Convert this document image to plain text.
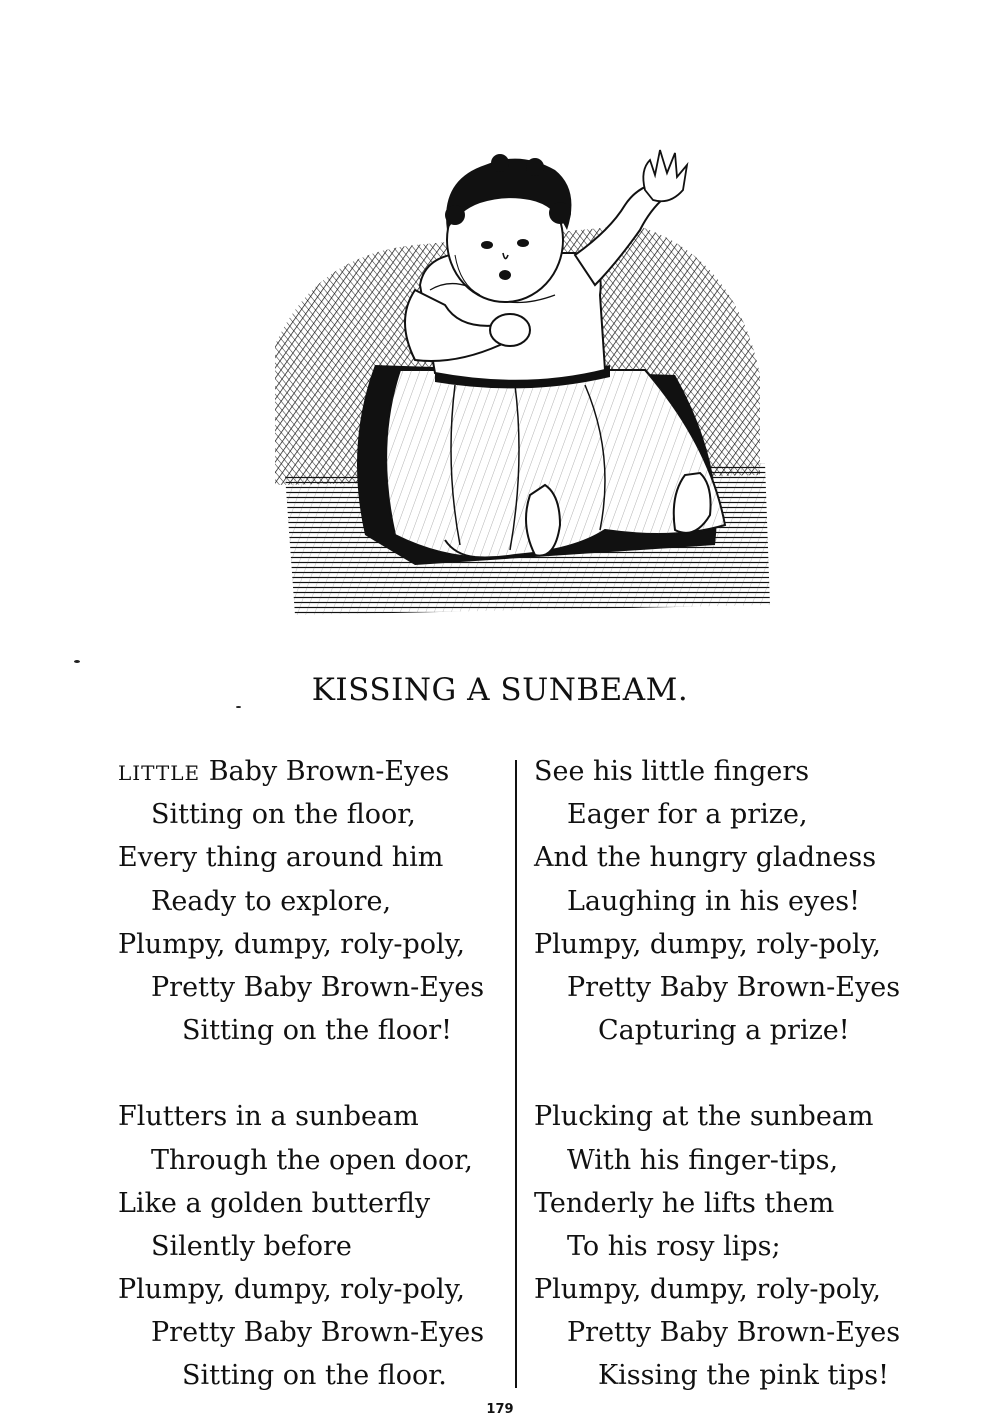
KISSING A SUNBEAM.
LITTLE Baby Brown-Eyes
Sitting on the floor,
Every thing around him
Ready to explore,
Plumpy, dumpy, roly-poly,
Pretty Baby Brown-Eyes
Sitting on the floor!
Flutters in a sunbeam
Through the open door,
Like a golden butterfly
Silently before
Plumpy, dumpy, roly-poly,
Pretty Baby Brown-Eyes
Sitting on the floor.
See his little fingers
Eager for a prize,
And the hungry gladness
Laughing in his eyes!
Plumpy, dumpy, roly-poly,
Pretty Baby Brown-Eyes
Capturing a prize!
Plucking at the sunbeam
With his finger-tips,
Tenderly he lifts them
To his rosy lips;
Plumpy, dumpy, roly-poly,
Pretty Baby Brown-Eyes
Kissing the pink tips!
179
